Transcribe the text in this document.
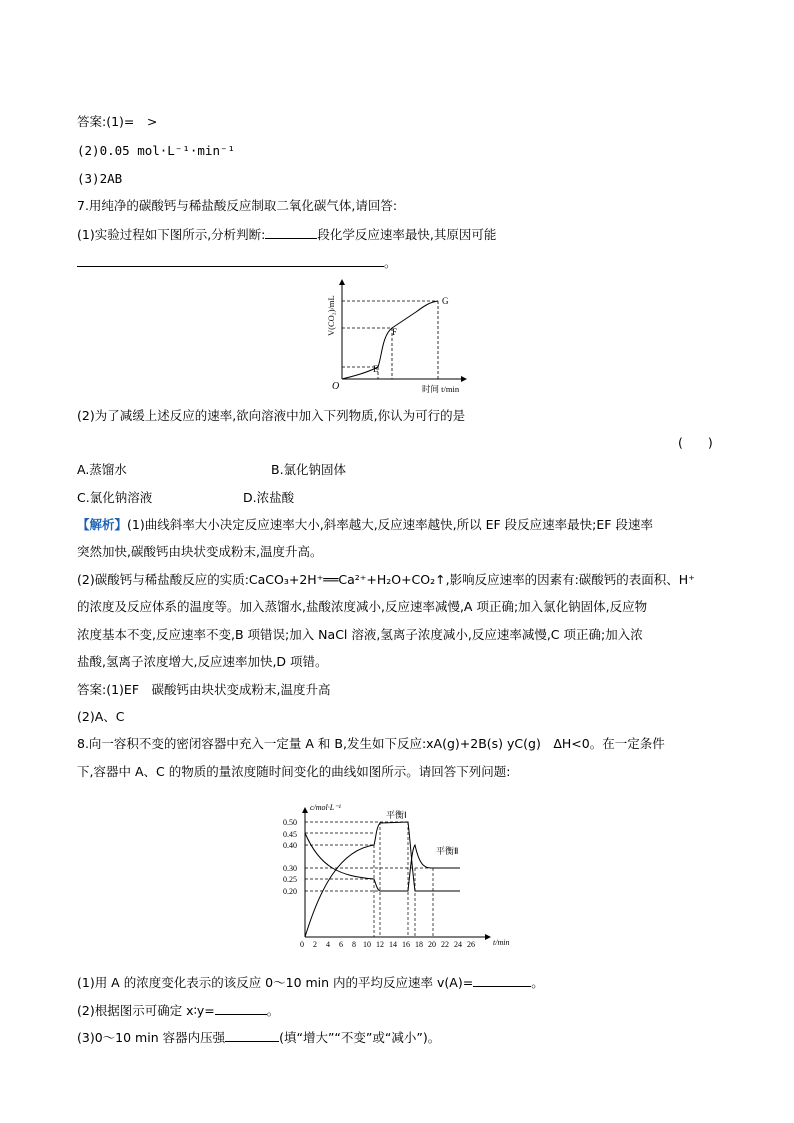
答案:(1)=　>
(2)0.05 mol·L⁻¹·min⁻¹
(3)2AB
7.用纯净的碳酸钙与稀盐酸反应制取二氧化碳气体,请回答:
(1)实验过程如下图所示,分析判断:	段化学反应速率最快,其原因可能
。
O
E
F
G
时间 t/min
V(CO₂)/mL
(2)为了减缓上述反应的速率,欲向溶液中加入下列物质,你认为可行的是
(　　)
A.蒸馏水	B.氯化钠固体
C.氯化钠溶液	D.浓盐酸
【解析】(1)曲线斜率大小决定反应速率大小,斜率越大,反应速率越快,所以 EF 段反应速率最快;EF 段速率
突然加快,碳酸钙由块状变成粉末,温度升高。
(2)碳酸钙与稀盐酸反应的实质:CaCO₃+2H⁺══Ca²⁺+H₂O+CO₂↑,影响反应速率的因素有:碳酸钙的表面积、H⁺
的浓度及反应体系的温度等。加入蒸馏水,盐酸浓度减小,反应速率减慢,A 项正确;加入氯化钠固体,反应物
浓度基本不变,反应速率不变,B 项错误;加入 NaCl 溶液,氢离子浓度减小,反应速率减慢,C 项正确;加入浓
盐酸,氢离子浓度增大,反应速率加快,D 项错。
答案:(1)EF　碳酸钙由块状变成粉末,温度升高
(2)A、C
8.向一容积不变的密闭容器中充入一定量 A 和 B,发生如下反应:xA(g)+2B(s) yC(g)　ΔH<0。在一定条件
下,容器中 A、C 的物质的量浓度随时间变化的曲线如图所示。请回答下列问题:
c/mol·L⁻¹
t/min
0.50
0.45
0.40
0.30
0.25
0.20
0 2 4 6 8 10 12 14 16 18 20 22 24 26
平衡Ⅰ
平衡Ⅱ
(1)用 A 的浓度变化表示的该反应 0～10 min 内的平均反应速率 v(A)=	。
(2)根据图示可确定 x∶y=	。
(3)0～10 min 容器内压强	(填“增大”“不变”或“减小”)。
